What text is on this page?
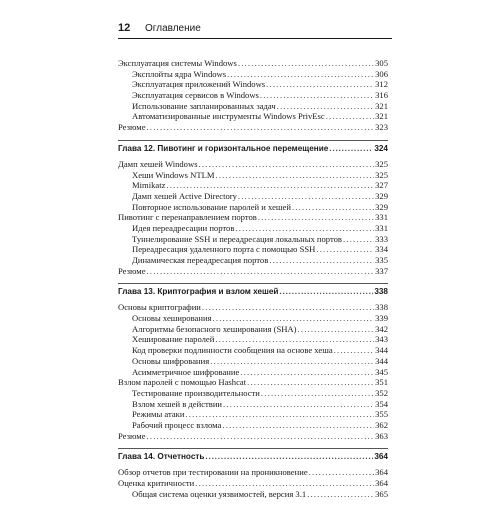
12 Оглавление
Эксплуатация системы Windows .....	305
Эксплойты ядра Windows .....	306
Эксплуатация приложений Windows .....	312
Эксплуатация сервисов в Windows .....	316
Использование запланированных задач .....	321
Автоматизированные инструменты Windows PrivEsc .....	321
Резюме .....	323
Глава 12. Пивотинг и горизонтальное перемещение .....	324
Дамп хешей Windows .....	325
Хеши Windows NTLM .....	325
Mimikatz .....	327
Дамп хешей Active Directory .....	329
Повторное использование паролей и хешей .....	329
Пивотинг с перенаправлением портов .....	331
Идея переадресации портов .....	331
Туннелирование SSH и переадресация локальных портов .....	333
Переадресация удаленного порта с помощью SSH .....	334
Динамическая переадресация портов .....	335
Резюме .....	337
Глава 13. Криптография и взлом хешей .....	338
Основы криптографии .....	338
Основы хеширования .....	339
Алгоритмы безопасного хеширования (SHA) .....	342
Хеширование паролей .....	343
Код проверки подлинности сообщения на основе хеша .....	344
Основы шифрования .....	344
Асимметричное шифрование .....	345
Взлом паролей с помощью Hashcat .....	351
Тестирование производительности .....	352
Взлом хешей в действии .....	354
Режимы атаки .....	355
Рабочий процесс взлома .....	362
Резюме .....	363
Глава 14. Отчетность .....	364
Обзор отчетов при тестировании на проникновение .....	364
Оценка критичности .....	364
Общая система оценки уязвимостей, версия 3.1 .....	365
